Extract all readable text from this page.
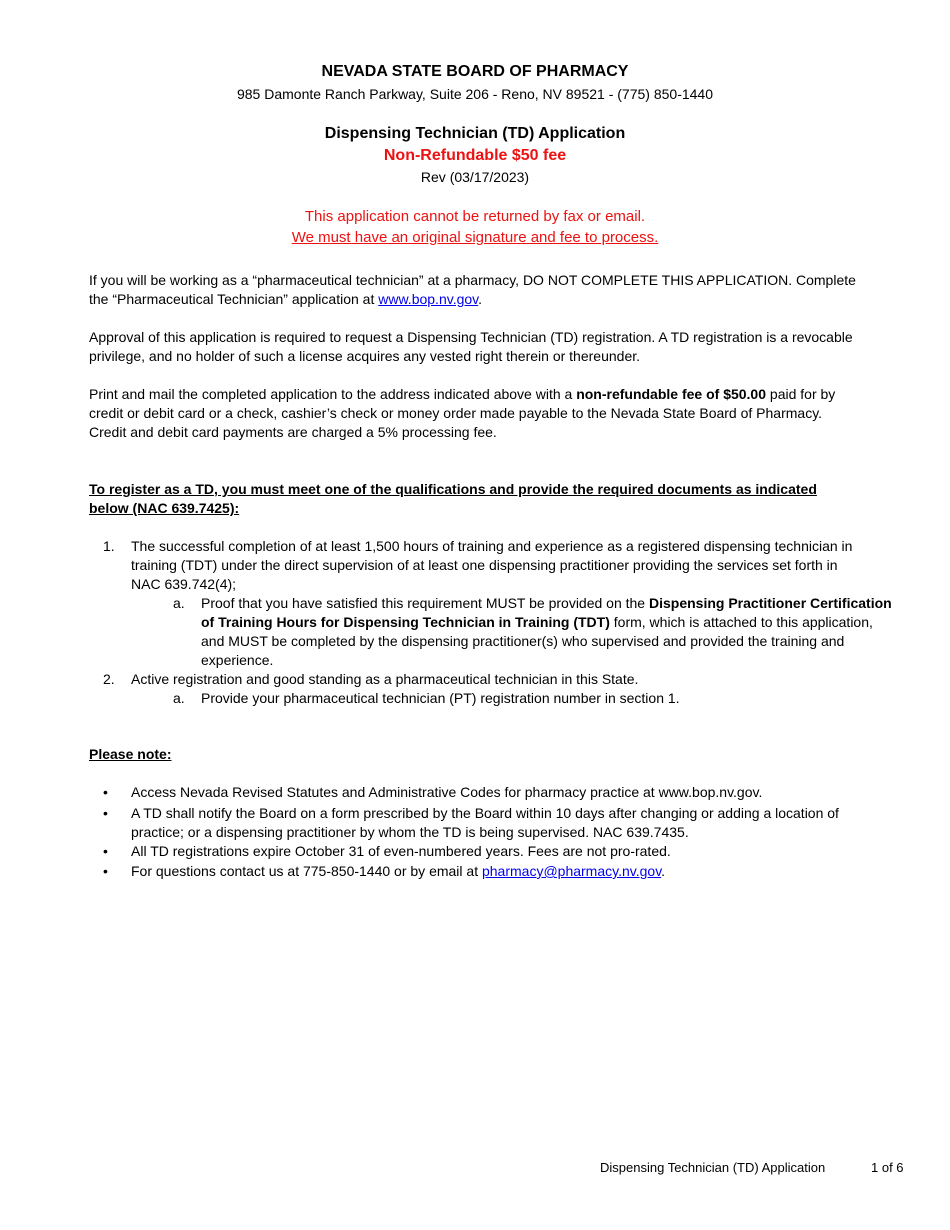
NEVADA STATE BOARD OF PHARMACY
985 Damonte Ranch Parkway, Suite 206 - Reno, NV 89521 - (775) 850-1440
Dispensing Technician (TD) Application
Non-Refundable $50 fee
Rev (03/17/2023)
This application cannot be returned by fax or email.
We must have an original signature and fee to process.
If you will be working as a “pharmaceutical technician” at a pharmacy, DO NOT COMPLETE THIS APPLICATION. Complete the “Pharmaceutical Technician” application at www.bop.nv.gov.
Approval of this application is required to request a Dispensing Technician (TD) registration. A TD registration is a revocable privilege, and no holder of such a license acquires any vested right therein or thereunder.
Print and mail the completed application to the address indicated above with a non-refundable fee of $50.00 paid for by credit or debit card or a check, cashier’s check or money order made payable to the Nevada State Board of Pharmacy. Credit and debit card payments are charged a 5% processing fee.
To register as a TD, you must meet one of the qualifications and provide the required documents as indicated below (NAC 639.7425):
1. The successful completion of at least 1,500 hours of training and experience as a registered dispensing technician in training (TDT) under the direct supervision of at least one dispensing practitioner providing the services set forth in NAC 639.742(4);
a. Proof that you have satisfied this requirement MUST be provided on the Dispensing Practitioner Certification of Training Hours for Dispensing Technician in Training (TDT) form, which is attached to this application, and MUST be completed by the dispensing practitioner(s) who supervised and provided the training and experience.
2. Active registration and good standing as a pharmaceutical technician in this State.
a. Provide your pharmaceutical technician (PT) registration number in section 1.
Please note:
• Access Nevada Revised Statutes and Administrative Codes for pharmacy practice at www.bop.nv.gov.
• A TD shall notify the Board on a form prescribed by the Board within 10 days after changing or adding a location of practice; or a dispensing practitioner by whom the TD is being supervised. NAC 639.7435.
• All TD registrations expire October 31 of even-numbered years. Fees are not pro-rated.
• For questions contact us at 775-850-1440 or by email at pharmacy@pharmacy.nv.gov.
Dispensing Technician (TD) Application	1 of 6
